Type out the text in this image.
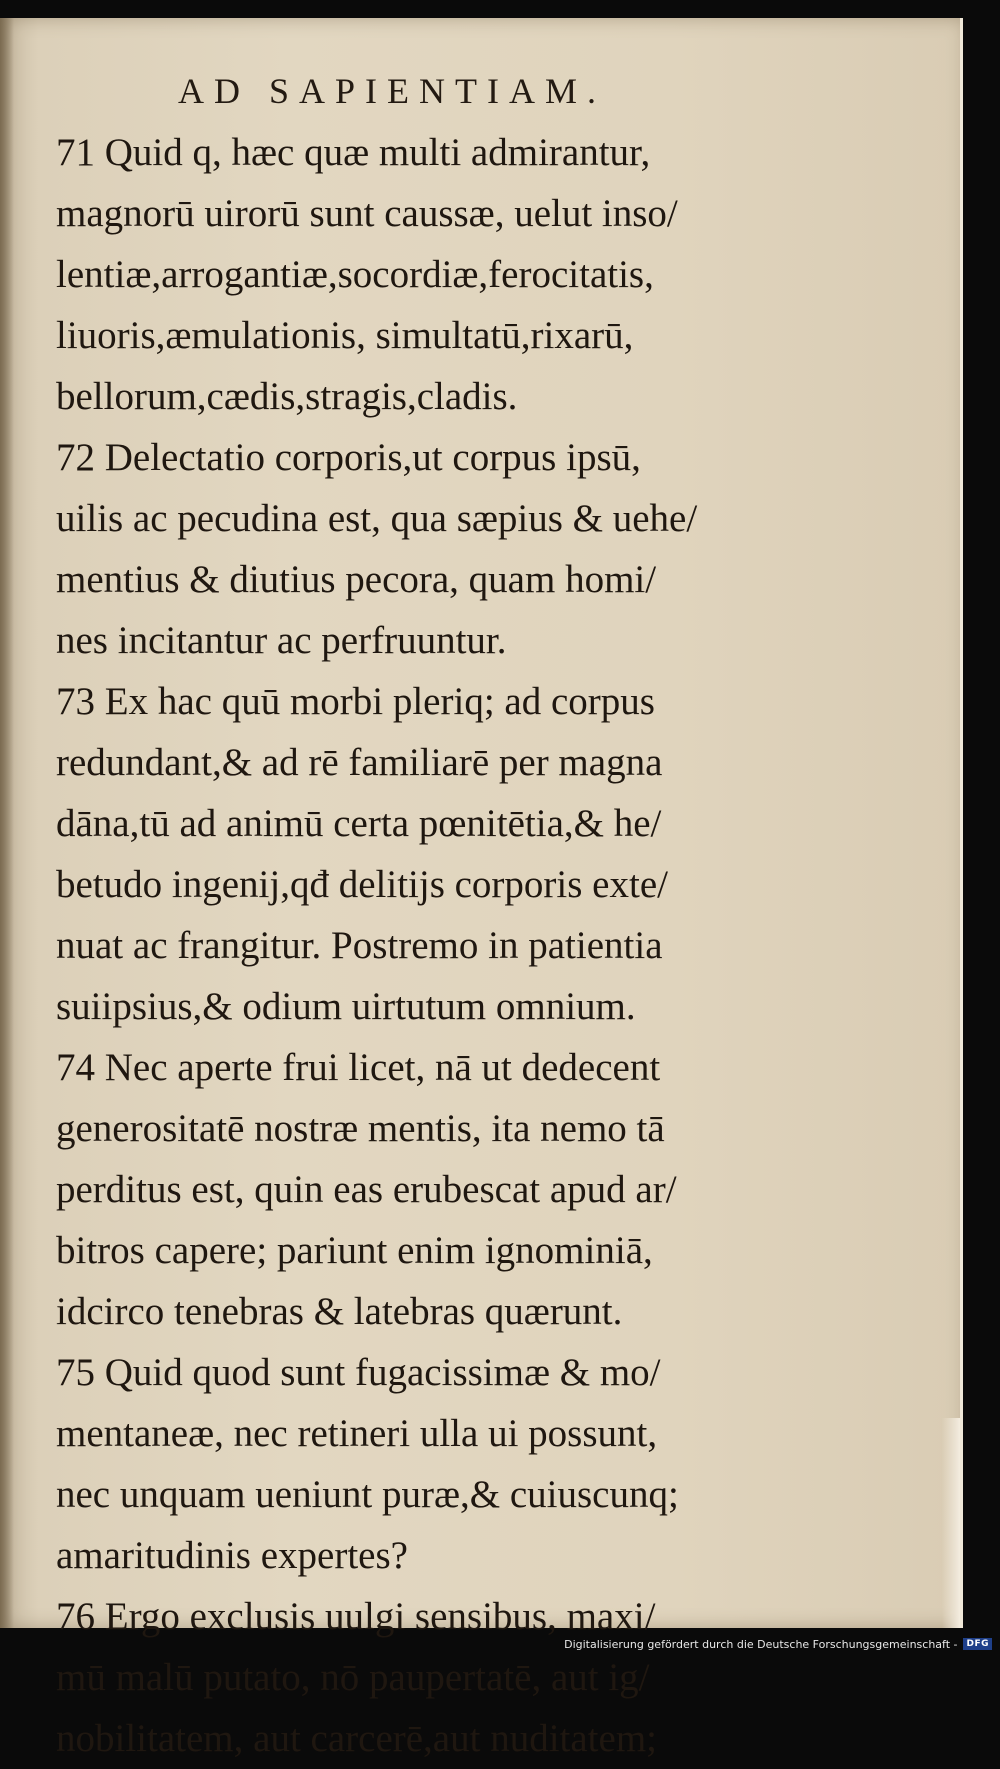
AD SAPIENTIAM.
71 Quid q, hæc quæ multi admirantur,
magnorū uirorū sunt caussæ, uelut inso/
lentiæ,arrogantiæ,socordiæ,ferocitatis,
liuoris,æmulationis, simultatū,rixarū,
bellorum,cædis,stragis,cladis.
72 Delectatio corporis,ut corpus ipsū,
uilis ac pecudina est, qua sæpius & uehe/
mentius & diutius pecora, quam homi/
nes incitantur ac perfruuntur.
73 Ex hac quū morbi pleriq; ad corpus
redundant,& ad rē familiarē per magna
dāna,tū ad animū certa pœnitētia,& he/
betudo ingenij,qđ delitijs corporis exte/
nuat ac frangitur. Postremo in patientia
suiipsius,& odium uirtutum omnium.
74 Nec aperte frui licet, nā ut dedecent
generositatē nostræ mentis, ita nemo tā
perditus est, quin eas erubescat apud ar/
bitros capere; pariunt enim ignominiā,
idcirco tenebras & latebras quærunt.
75 Quid quod sunt fugacissimæ & mo/
mentaneæ, nec retineri ulla ui possunt,
nec unquam ueniunt puræ,& cuiuscunq;
amaritudinis expertes?
76 Ergo exclusis uulgi sensibus, maxi/
mū malū putato, nō paupertatē, aut ig/
nobilitatem, aut carcerē,aut nuditatem;
Digitalisierung gefördert durch die Deutsche Forschungsgemeinschaft -	DFG
